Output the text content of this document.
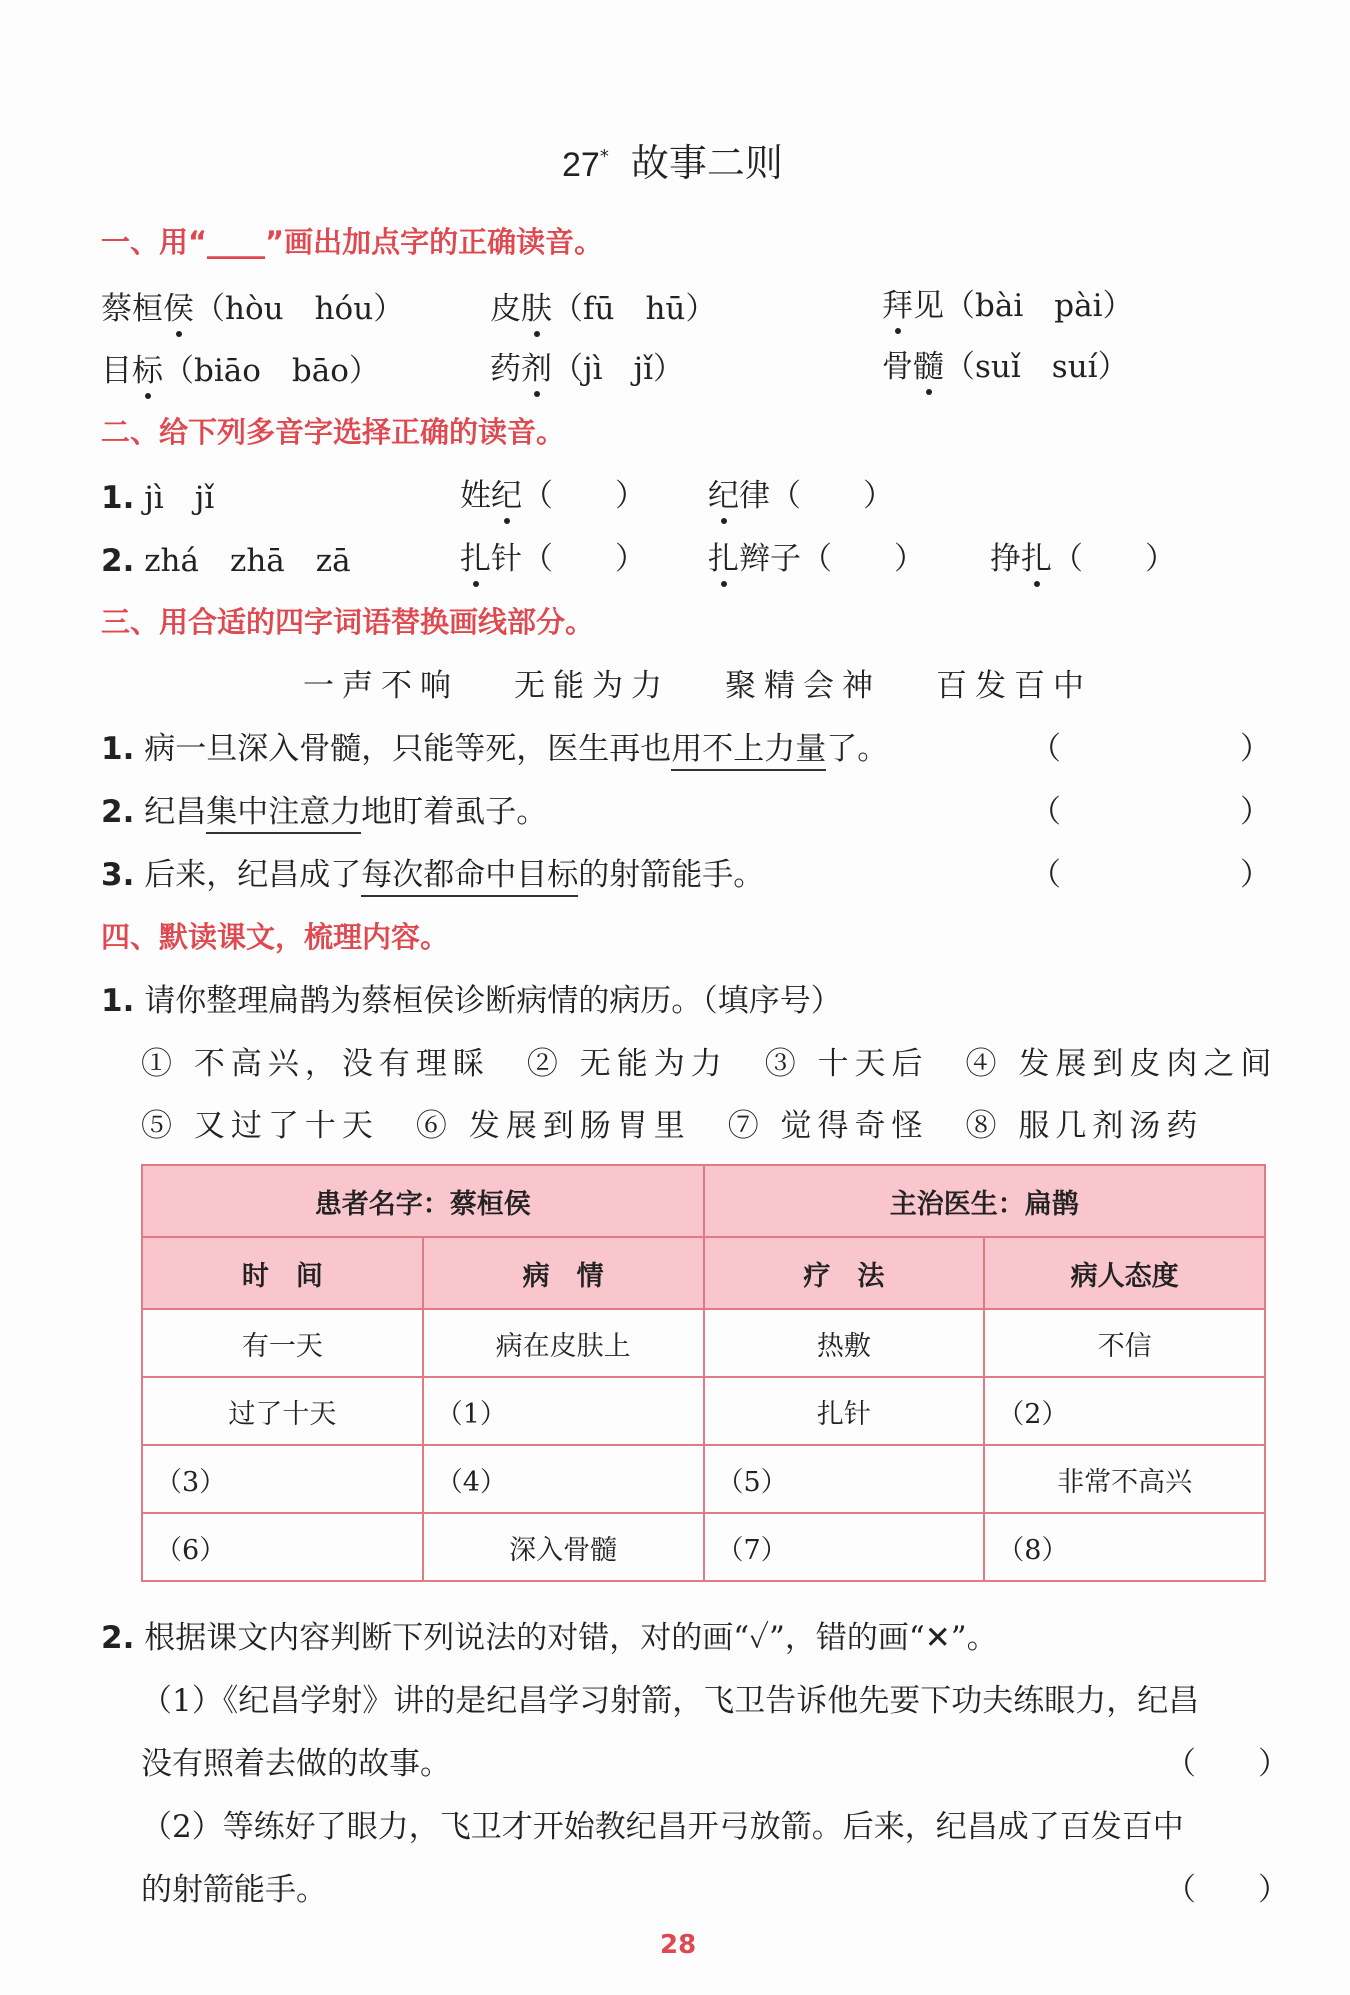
27* 故事二则
一、用“____”画出加点字的正确读音。
蔡桓侯（hòu　hóu）	皮肤（fū　hū）	拜见（bài　pài）
目标（biāo　bāo）	药剂（jì　jǐ）	骨髓（suǐ　suí）
二、给下列多音字选择正确的读音。
1. jì　jǐ	姓纪（　　） 纪律（　　）
2. zhá　zhā　zā	扎针（　　） 扎辫子（　　） 挣扎（　　）
三、用合适的四字词语替换画线部分。
一声不响 无能为力 聚精会神 百发百中
1. 病一旦深入骨髓，只能等死，医生再也用不上力量了。
2. 纪昌集中注意力地盯着虱子。
3. 后来，纪昌成了每次都命中目标的射箭能手。
（	）
（	）
（	）
四、默读课文，梳理内容。
1. 请你整理扁鹊为蔡桓侯诊断病情的病历。（填序号）
① 不高兴，没有理睬　② 无能为力　③ 十天后　④ 发展到皮肉之间
⑤ 又过了十天　⑥ 发展到肠胃里　⑦ 觉得奇怪　⑧ 服几剂汤药
患者名字：蔡桓侯		主治医生：扁鹊	
时　间	病　情	疗　法	病人态度
有一天	病在皮肤上	热敷	不信
过了十天	（1）	扎针	（2）
（3）	（4）	（5）	非常不高兴
（6）	深入骨髓	（7）	（8）
2. 根据课文内容判断下列说法的对错，对的画“✓”，错的画“✕”。
（1）《纪昌学射》讲的是纪昌学习射箭，飞卫告诉他先要下功夫练眼力，纪昌
没有照着去做的故事。	（　　）
（2）等练好了眼力，飞卫才开始教纪昌开弓放箭。后来，纪昌成了百发百中
的射箭能手。	（　　）
28
